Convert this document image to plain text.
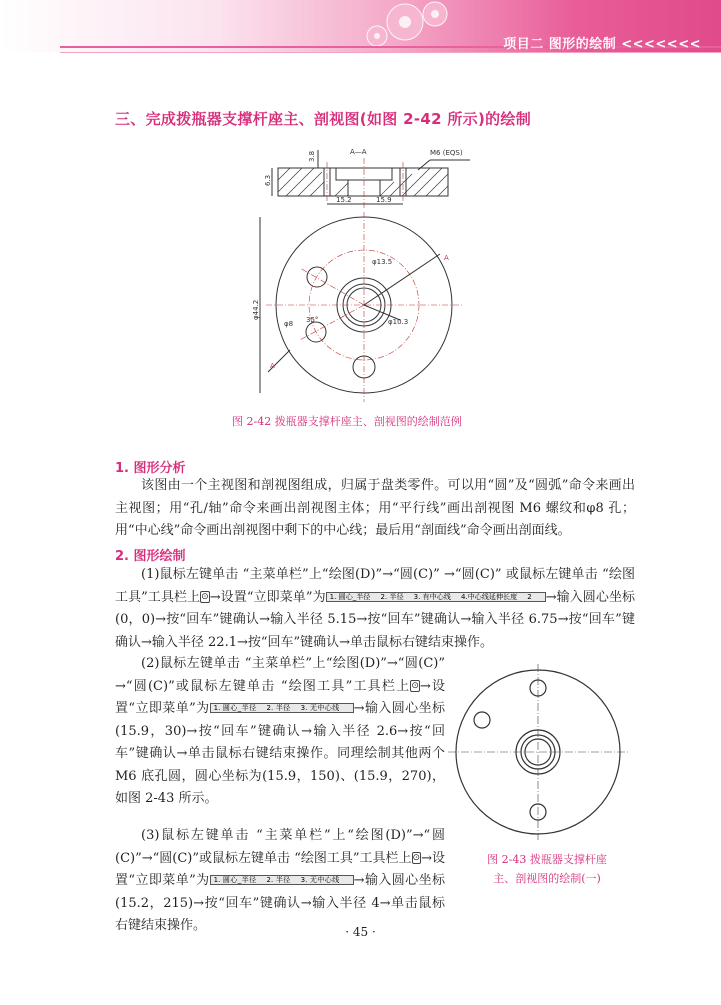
项目二 图形的绘制 <<<<<<<
三、完成拨瓶器支撑杆座主、剖视图(如图 2-42 所示)的绘制
A—A	M6 (EQS)
3.8
6.3
15.2	15.9
φ13.5
φ10.3
φ8 35°
φ44.2
A
A
图 2-42 拨瓶器支撑杆座主、剖视图的绘制范例
1. 图形分析
该图由一个主视图和剖视图组成，归属于盘类零件。可以用“圆”及“圆弧”命令来画出主视图；用“孔/轴”命令来画出剖视图主体；用“平行线”画出剖视图 M6 螺纹和φ8 孔；用“中心线”命令画出剖视图中剩下的中心线；最后用“剖面线”命令画出剖面线。
2. 图形绘制
(1)鼠标左键单击 “主菜单栏”上“绘图(D)”→“圆(C)” →“圆(C)” 或鼠标左键单击 “绘图工具”工具栏上⊙→设置“立即菜单”为 1. 圆心_半径 2. 半径 3. 有中心线 4.中心线延伸长度 2 →输入圆心坐标(0，0)→按“回车”键确认→输入半径 5.15→按“回车”键确认→输入半径 6.75→按“回车”键确认→输入半径 22.1→按“回车”键确认→单击鼠标右键结束操作。
(2)鼠标左键单击 “主菜单栏”上“绘图(D)”→“圆(C)” →“圆(C)”或鼠标左键单击 “绘图工具”工具栏上⊙→设置“立即菜单”为 1. 圆心_半径 2. 半径 3. 无中心线 →输入圆心坐标(15.9，30)→按“回车”键确认→输入半径 2.6→按“回车”键确认→单击鼠标右键结束操作。同理绘制其他两个 M6 底孔圆，圆心坐标为(15.9，150)、(15.9，270)，如图 2-43 所示。
(3)鼠标左键单击 “主菜单栏”上“绘图(D)”→“圆(C)”→“圆(C)”或鼠标左键单击 “绘图工具”工具栏上⊙→设置“立即菜单”为 1. 圆心_半径 2. 半径 3. 无中心线 →输入圆心坐标(15.2，215)→按“回车”键确认→输入半径 4→单击鼠标右键结束操作。
图 2-43 拨瓶器支撑杆座
主、剖视图的绘制(一)
· 45 ·
